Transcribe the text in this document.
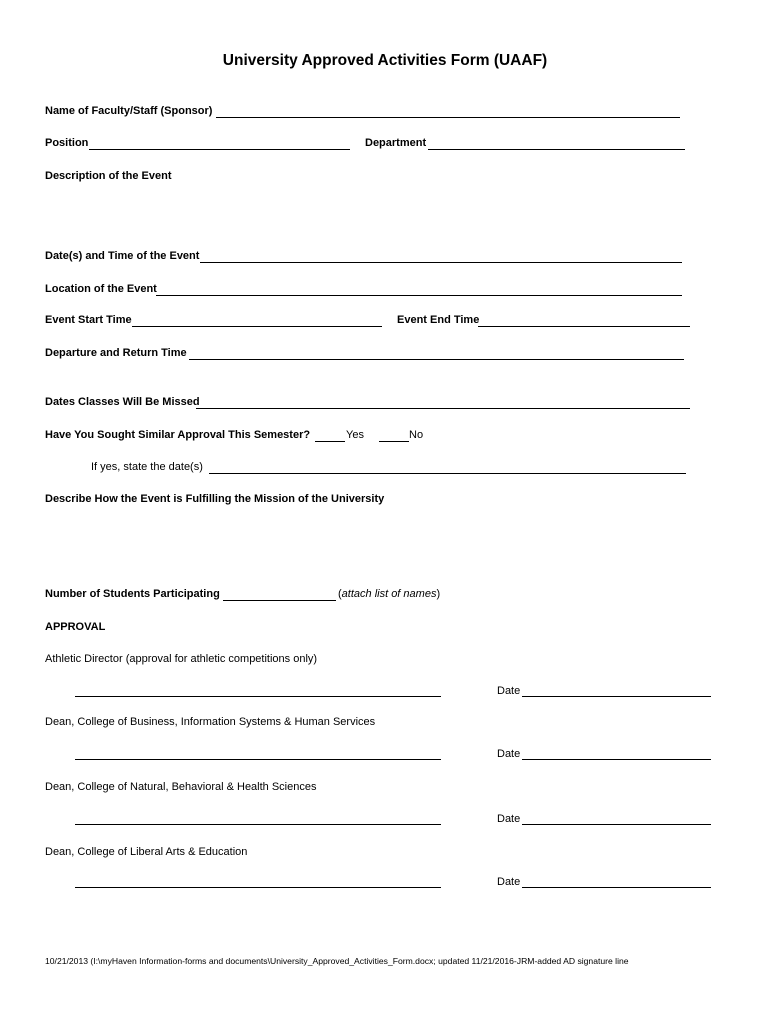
University Approved Activities Form (UAAF)
Name of Faculty/Staff (Sponsor)
Position	Department
Description of the Event
Date(s) and Time of the Event
Location of the Event
Event Start Time	Event End Time
Departure and Return Time
Dates Classes Will Be Missed
Have You Sought Similar Approval This Semester?	Yes	No
If yes, state the date(s)
Describe How the Event is Fulfilling the Mission of the University
Number of Students Participating	(attach list of names)
APPROVAL
Athletic Director (approval for athletic competitions only)
Date
Dean, College of Business, Information Systems & Human Services
Date
Dean, College of Natural, Behavioral & Health Sciences
Date
Dean, College of Liberal Arts & Education
Date
10/21/2013 (I:\myHaven Information-forms and documents\University_Approved_Activities_Form.docx; updated 11/21/2016-JRM-added AD signature line
